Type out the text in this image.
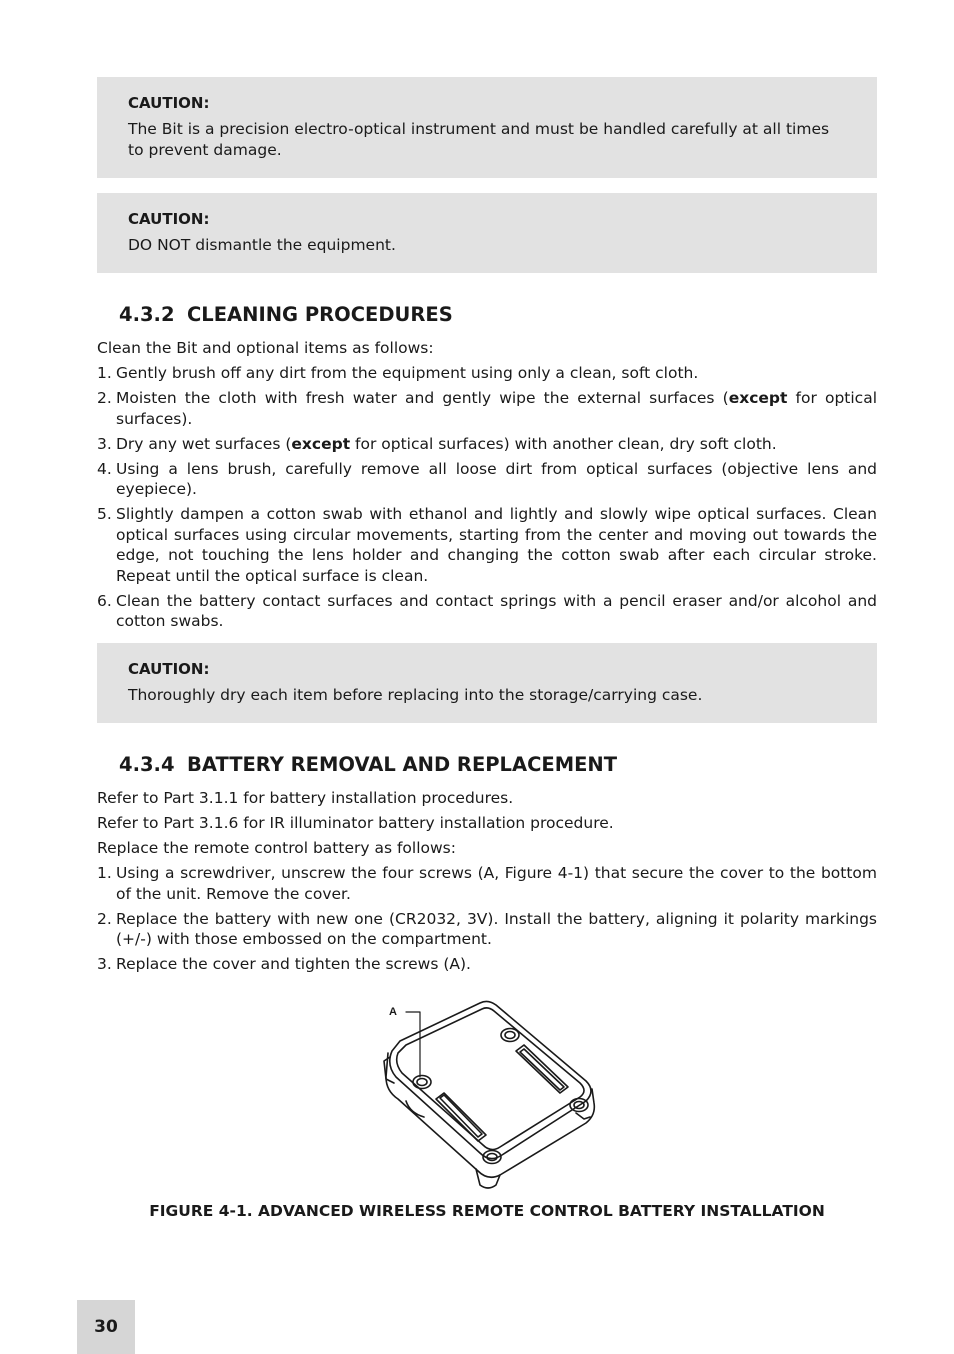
CAUTION:
The Bit is a precision electro-optical instrument and must be handled carefully at all times to prevent damage.
CAUTION:
DO NOT dismantle the equipment.
4.3.2 CLEANING PROCEDURES
Clean the Bit and optional items as follows:
1. Gently brush off any dirt from the equipment using only a clean, soft cloth.
2. Moisten the cloth with fresh water and gently wipe the external surfaces (except for optical surfaces).
3. Dry any wet surfaces (except for optical surfaces) with another clean, dry soft cloth.
4. Using a lens brush, carefully remove all loose dirt from optical surfaces (objective lens and eyepiece).
5. Slightly dampen a cotton swab with ethanol and lightly and slowly wipe optical surfaces. Clean optical surfaces using circular movements, starting from the center and moving out towards the edge, not touching the lens holder and changing the cotton swab after each circular stroke. Repeat until the optical surface is clean.
6. Clean the battery contact surfaces and contact springs with a pencil eraser and/or alcohol and cotton swabs.
CAUTION:
Thoroughly dry each item before replacing into the storage/carrying case.
4.3.4 BATTERY REMOVAL AND REPLACEMENT
Refer to Part 3.1.1 for battery installation procedures.
Refer to Part 3.1.6 for IR illuminator battery installation procedure.
Replace the remote control battery as follows:
1. Using a screwdriver, unscrew the four screws (A, Figure 4-1) that secure the cover to the bottom of the unit. Remove the cover.
2. Replace the battery with new one (CR2032, 3V). Install the battery, aligning it polarity markings (+/-) with those embossed on the compartment.
3. Replace the cover and tighten the screws (A).
A
FIGURE 4-1. ADVANCED WIRELESS REMOTE CONTROL BATTERY INSTALLATION
30
